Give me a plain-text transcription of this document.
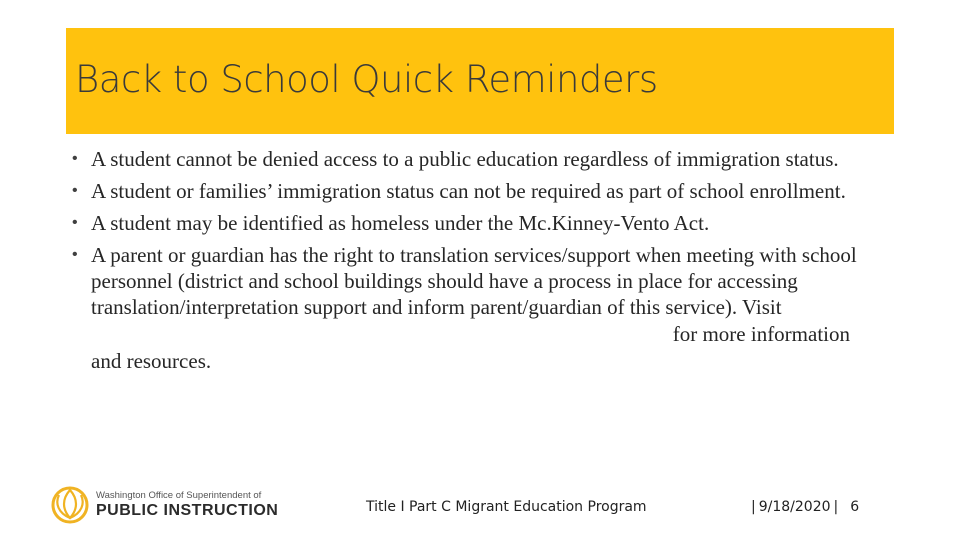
Back to School Quick Reminders
• A student cannot be denied access to a public education regardless of immigration status.
• A student or families’ immigration status can not be required as part of school enrollment.
• A student may be identified as homeless under the Mc.Kinney-Vento Act.
• A parent or guardian has the right to translation services/support when meeting with school personnel (district and school buildings should have a process in place for accessing translation/interpretation support and inform parent/guardian of this service). Visit
for more information
and resources.
Washington Office of Superintendent of
PUBLIC INSTRUCTION	Title I Part C Migrant Education Program	| 9/18/2020 | 6
